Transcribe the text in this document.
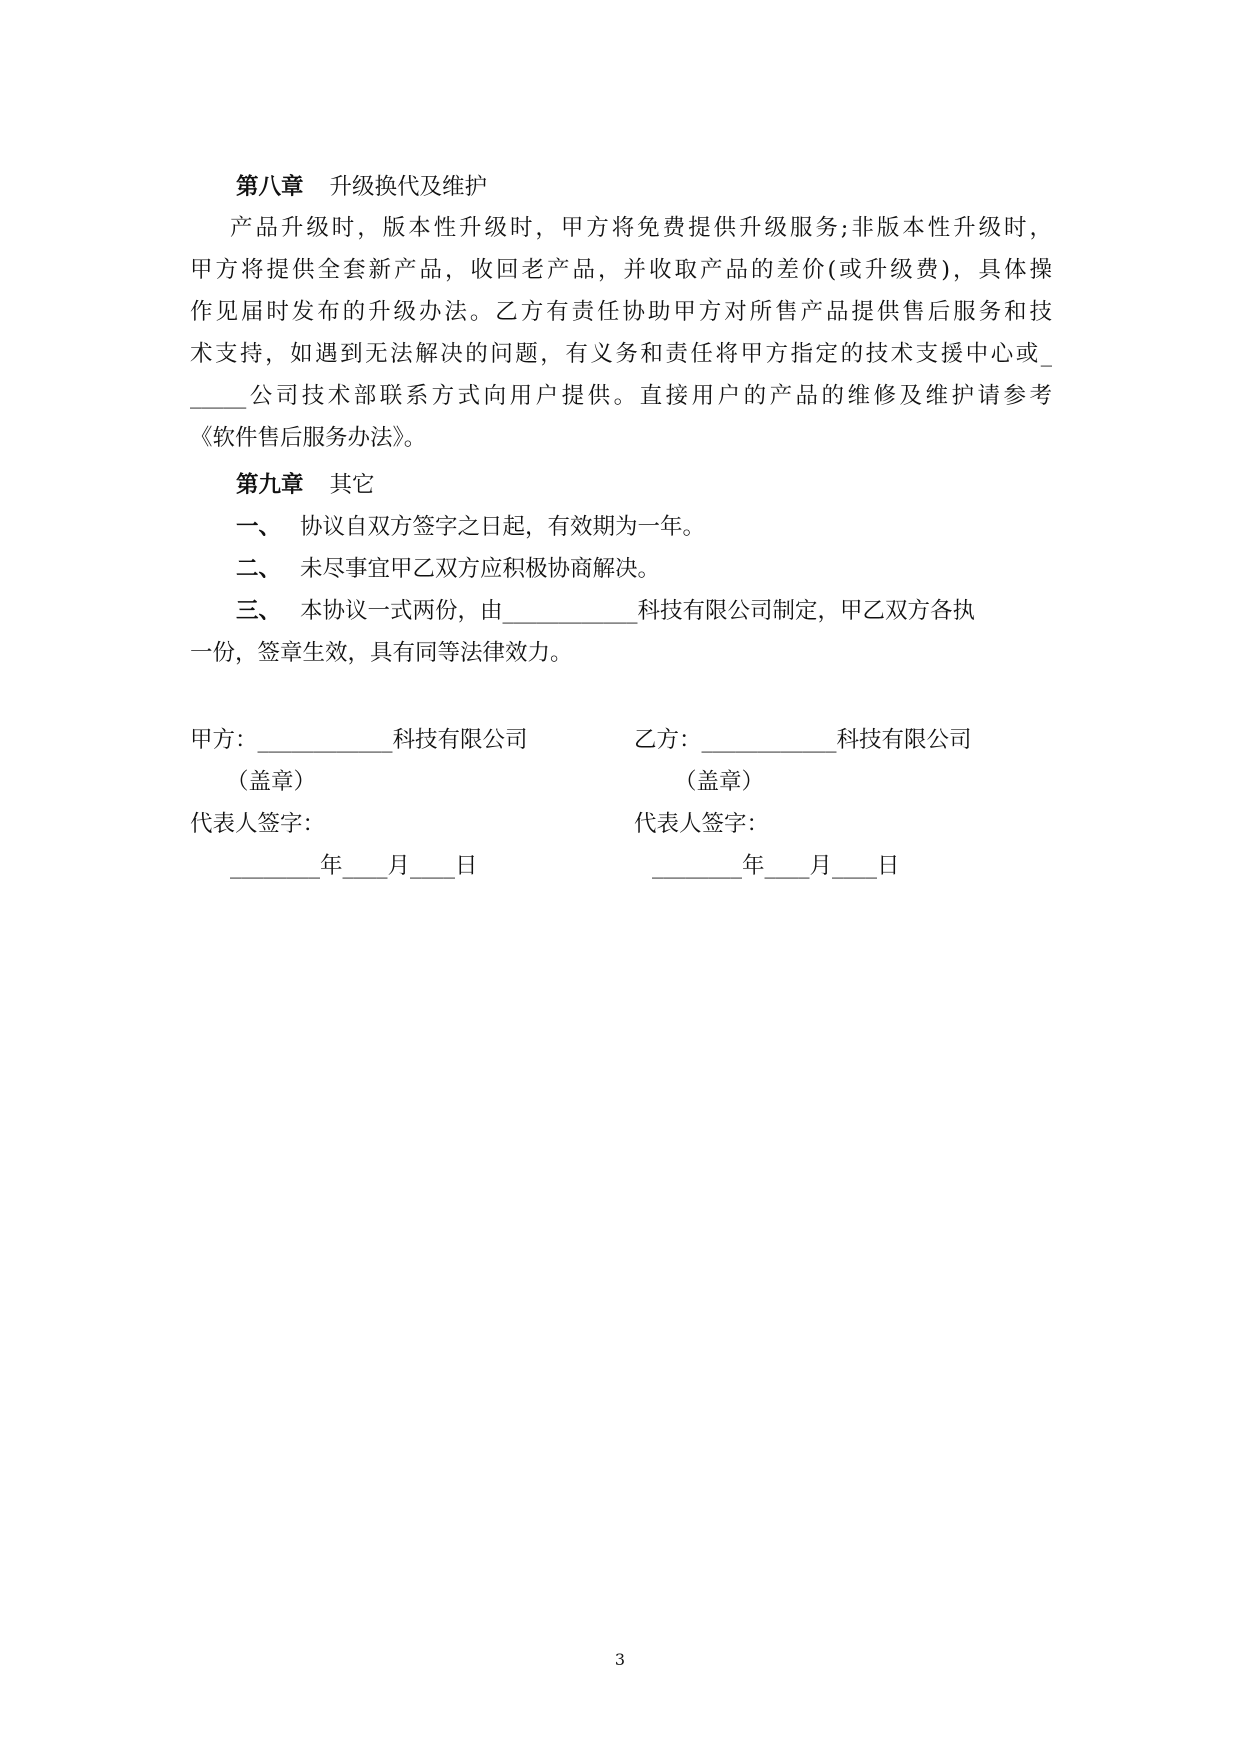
第八章 升级换代及维护
产品升级时，版本性升级时，甲方将免费提供升级服务;非版本性升级时，
甲方将提供全套新产品，收回老产品，并收取产品的差价(或升级费)，具体操
作见届时发布的升级办法。乙方有责任协助甲方对所售产品提供售后服务和技
术支持，如遇到无法解决的问题，有义务和责任将甲方指定的技术支援中心或_
_____公司技术部联系方式向用户提供。直接用户的产品的维修及维护请参考
《软件售后服务办法》。
第九章 其它
一、 协议自双方签字之日起，有效期为一年。
二、 未尽事宜甲乙双方应积极协商解决。
三、 本协议一式两份，由____________科技有限公司制定，甲乙双方各执
一份，签章生效，具有同等法律效力。
甲方：____________科技有限公司
（盖章）
代表人签字：
________年____月____日
乙方：____________科技有限公司
（盖章）
代表人签字：
________年____月____日
3
